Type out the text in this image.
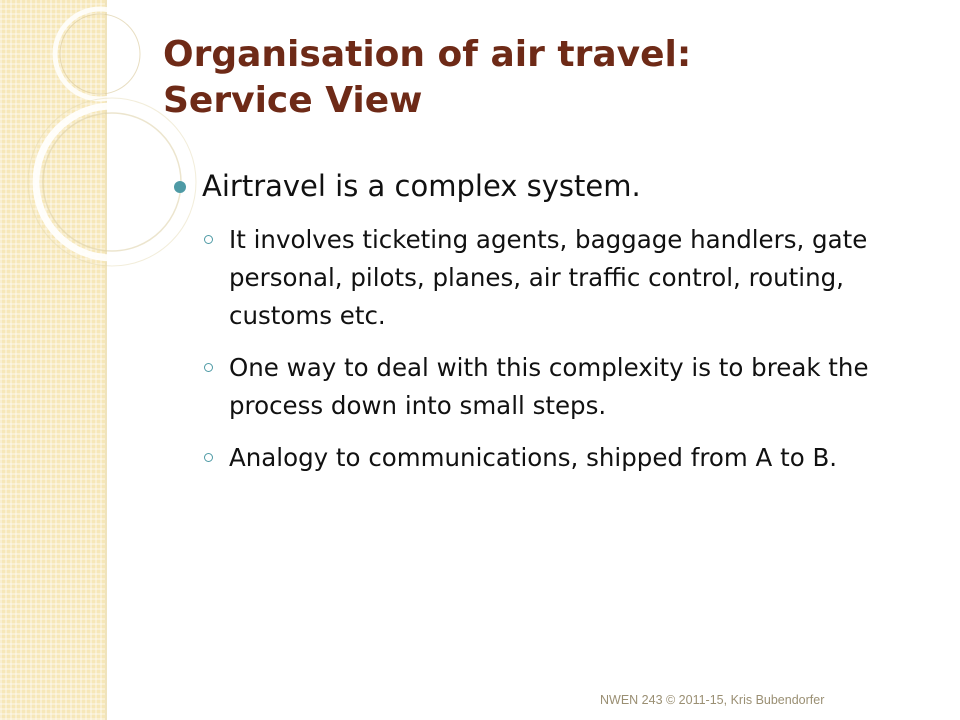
Organisation of air travel:
Service View
Airtravel is a complex system.
It involves ticketing agents, baggage handlers, gate personal, pilots, planes, air traffic control, routing, customs etc.
One way to deal with this complexity is to break the process down into small steps.
Analogy to communications, shipped from A to B.
NWEN 243 © 2011-15, Kris Bubendorfer
